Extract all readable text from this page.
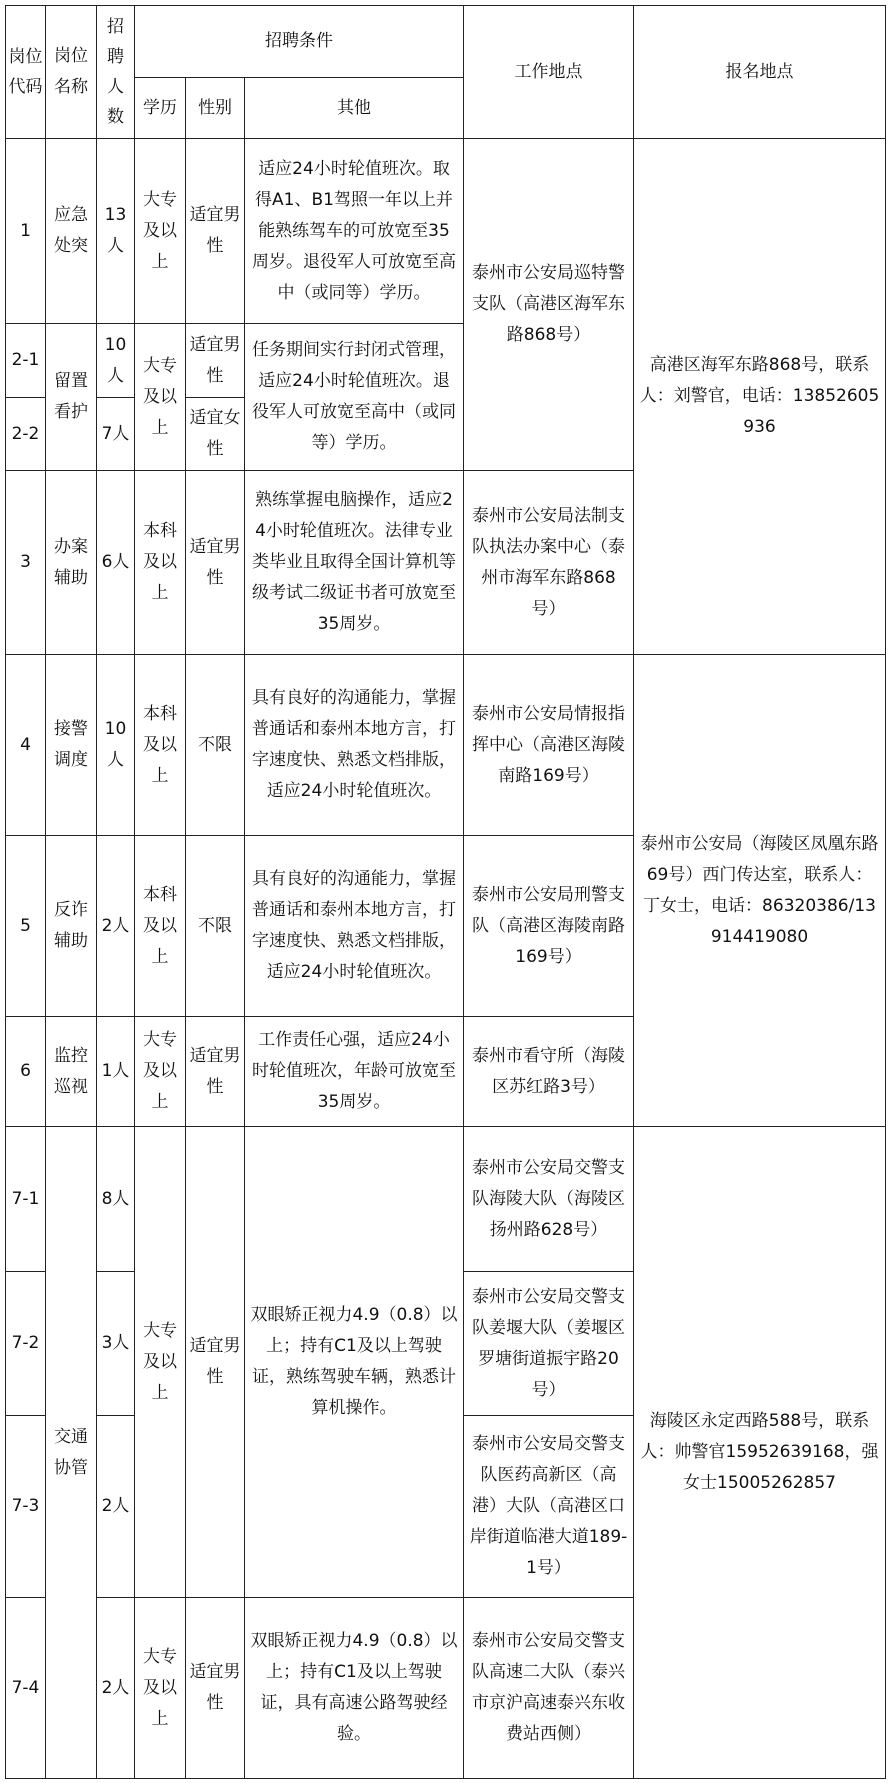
岗位代码	岗位名称	招聘人数	招聘条件			工作地点	报名地点
			学历	性别	其他		
1	应急处突	13人	大专及以上	适宜男性	适应24小时轮值班次。取得A1、B1驾照一年以上并能熟练驾车的可放宽至35周岁。退役军人可放宽至高中（或同等）学历。	泰州市公安局巡特警支队（高港区海军东路868号）	高港区海军东路868号，联系人：刘警官，电话：13852605936
2-1	留置看护	10人	大专及以上	适宜男性	任务期间实行封闭式管理，适应24小时轮值班次。退役军人可放宽至高中（或同等）学历。		
2-2		7人		适宜女性			
3	办案辅助	6人	本科及以上	适宜男性	熟练掌握电脑操作，适应24小时轮值班次。法律专业类毕业且取得全国计算机等级考试二级证书者可放宽至35周岁。	泰州市公安局法制支队执法办案中心（泰州市海军东路868号）	
4	接警调度	10人	本科及以上	不限	具有良好的沟通能力，掌握普通话和泰州本地方言，打字速度快、熟悉文档排版，适应24小时轮值班次。	泰州市公安局情报指挥中心（高港区海陵南路169号）	泰州市公安局（海陵区凤凰东路69号）西门传达室，联系人：丁女士，电话：86320386/13914419080
5	反诈辅助	2人	本科及以上	不限	具有良好的沟通能力，掌握普通话和泰州本地方言，打字速度快、熟悉文档排版，适应24小时轮值班次。	泰州市公安局刑警支队（高港区海陵南路169号）	
6	监控巡视	1人	大专及以上	适宜男性	工作责任心强，适应24小时轮值班次，年龄可放宽至35周岁。	泰州市看守所（海陵区苏红路3号）	
7-1	交通协管	8人	大专及以上	适宜男性	双眼矫正视力4.9（0.8）以上；持有C1及以上驾驶证，熟练驾驶车辆，熟悉计算机操作。	泰州市公安局交警支队海陵大队（海陵区扬州路628号）	海陵区永定西路588号，联系人：帅警官15952639168，强女士15005262857
7-2		3人				泰州市公安局交警支队姜堰大队（姜堰区罗塘街道振宇路20号）	
7-3		2人				泰州市公安局交警支队医药高新区（高港）大队（高港区口岸街道临港大道189-1号）	
7-4		2人	大专及以上	适宜男性	双眼矫正视力4.9（0.8）以上；持有C1及以上驾驶证，具有高速公路驾驶经验。	泰州市公安局交警支队高速二大队（泰兴市京沪高速泰兴东收费站西侧）	
